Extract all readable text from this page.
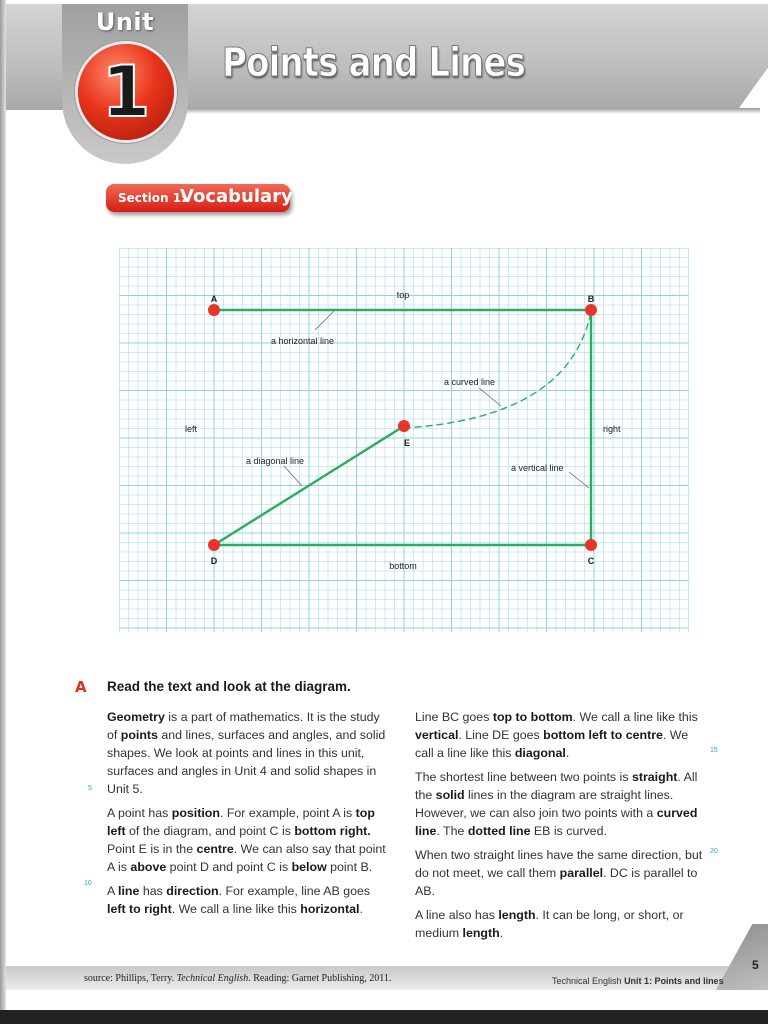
Unit
1	Points and Lines
Section 1:
Vocabulary
A	B
C
D
E
top
bottom
left	right
a horizontal line
a curved line
a diagonal line
a vertical line
A Read the text and look at the diagram.

Geometry is a part of mathematics. It is the study of points and lines, surfaces and angles, and solid shapes. We look at points and lines in this unit, surfaces and angles in Unit 4 and solid shapes in Unit 5.

A point has position. For example, point A is top left of the diagram, and point C is bottom right. Point E is in the centre. We can also say that point A is above point D and point C is below point B.

A line has direction. For example, line AB goes left to right. We call a line like this horizontal.

Line BC goes top to bottom. We call a line like this vertical. Line DE goes bottom left to centre. We call a line like this diagonal.

The shortest line between two points is straight. All the solid lines in the diagram are straight lines. However, we can also join two points with a curved line. The dotted line EB is curved.

When two straight lines have the same direction, but do not meet, we call them parallel. DC is parallel to AB.

A line also has length. It can be long, or short, or medium length.

5
10
15
20
5
source: Phillips, Terry. Technical English. Reading: Garnet Publishing, 2011.	Technical English Unit 1: Points and lines
